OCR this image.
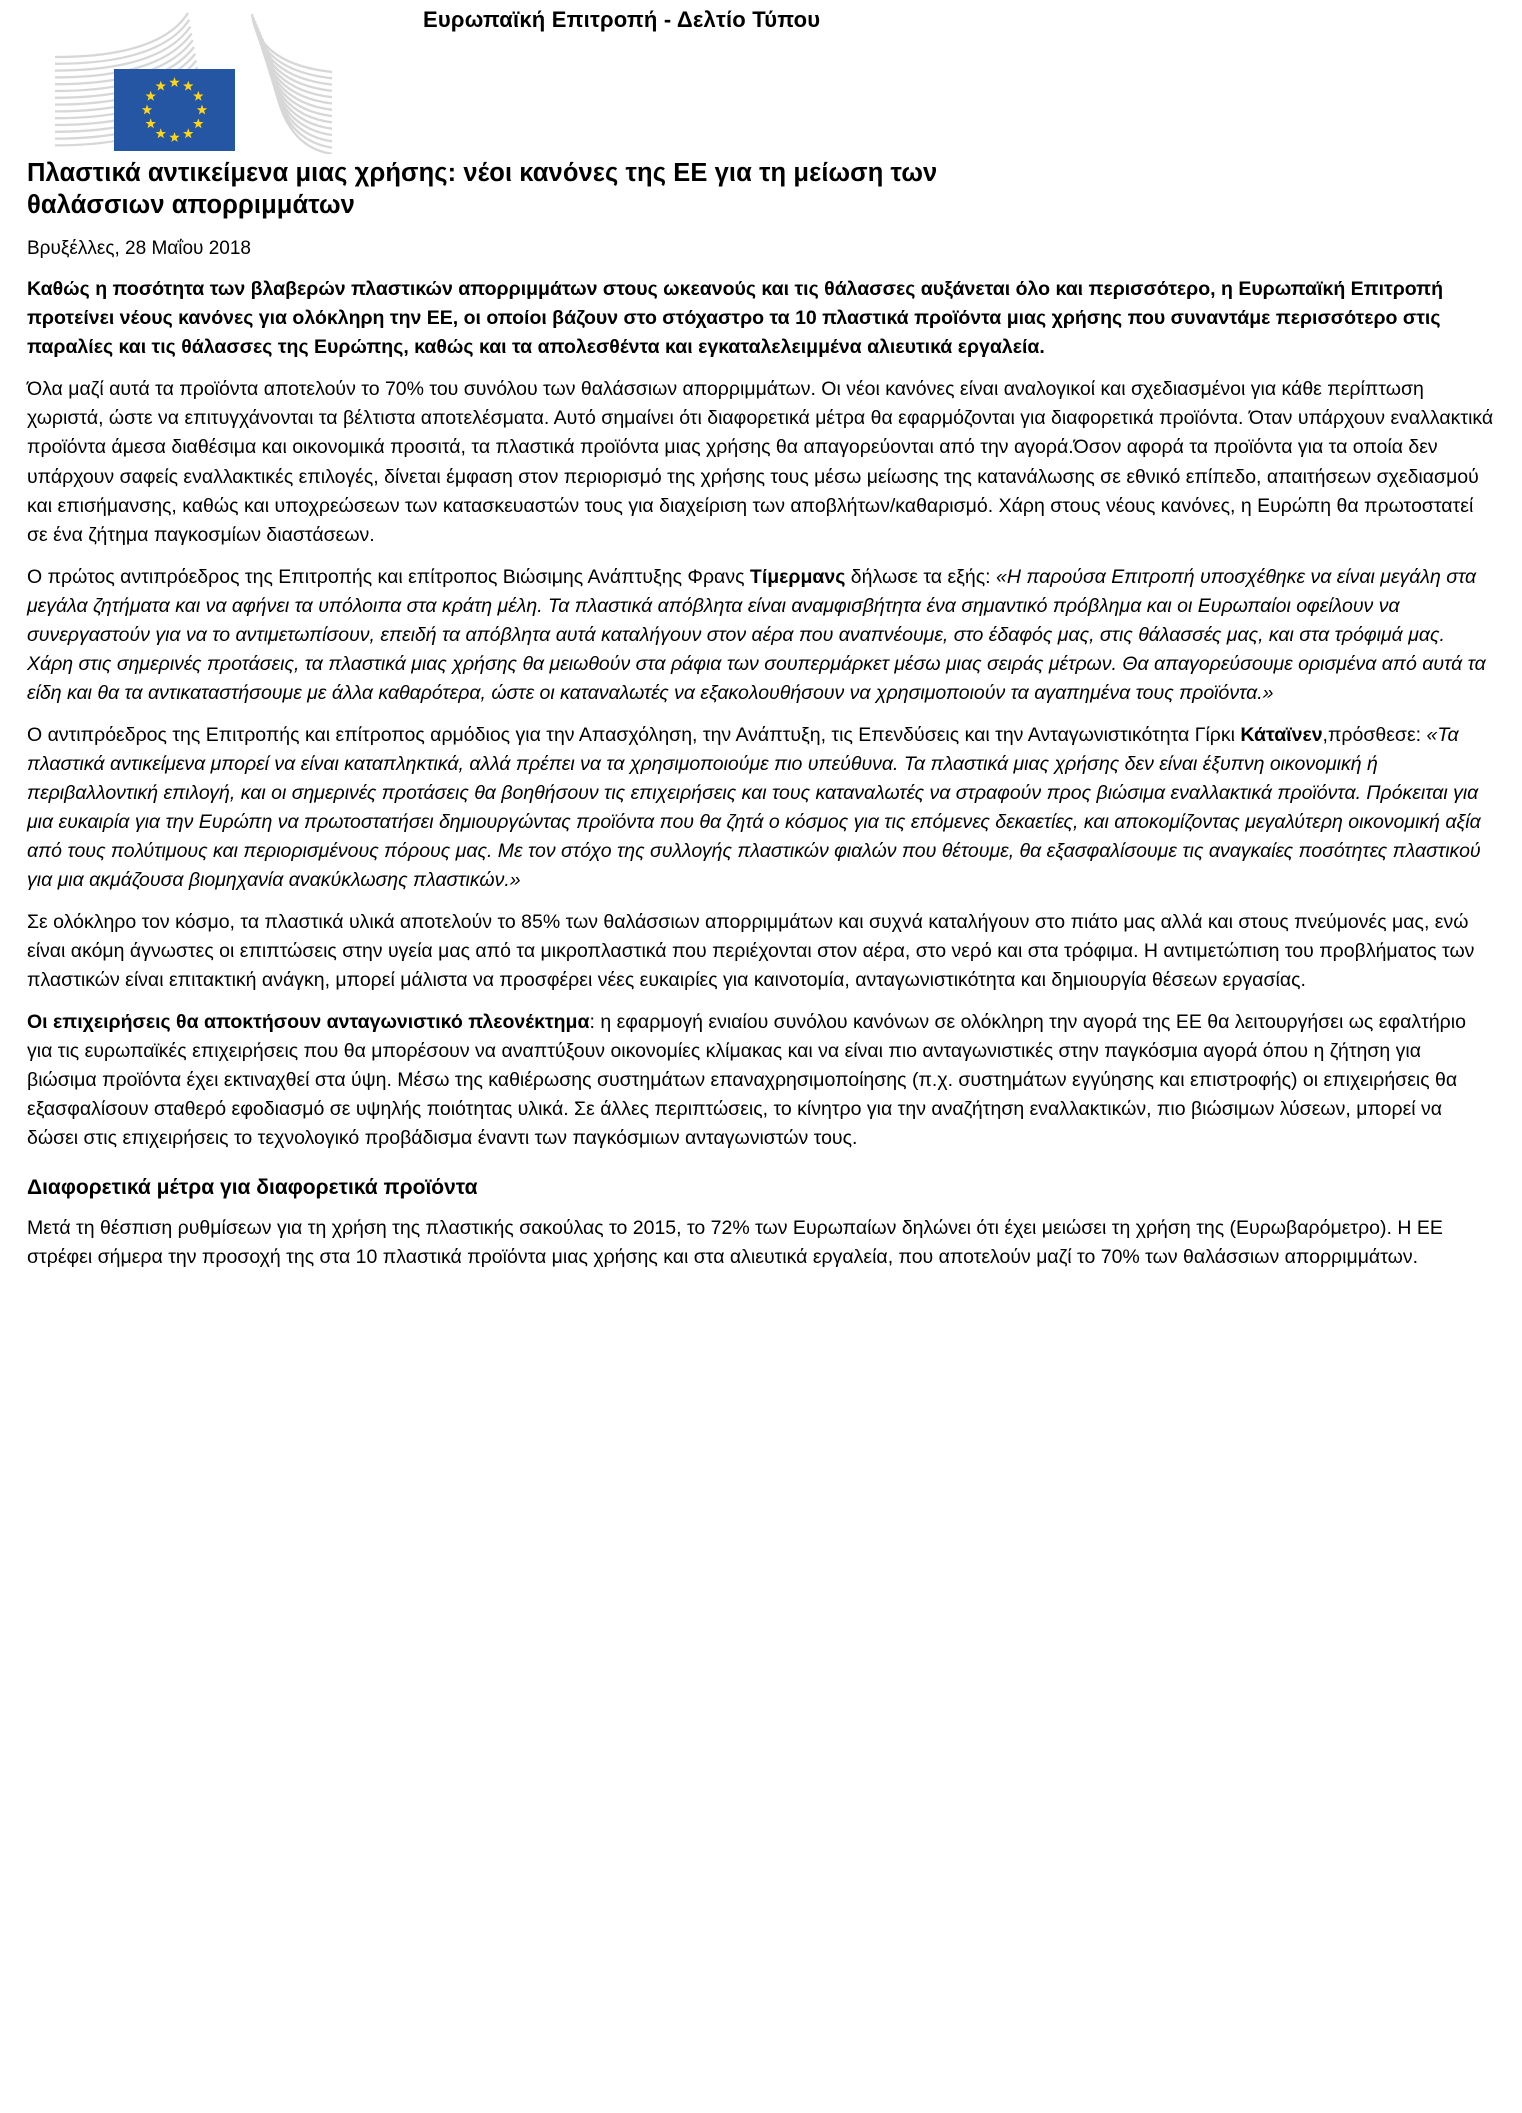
Ευρωπαϊκή Επιτροπή - Δελτίο Τύπου
Πλαστικά αντικείμενα μιας χρήσης: νέοι κανόνες της ΕΕ για τη μείωση των θαλάσσιων απορριμμάτων

Βρυξέλλες, 28 Μαΐου 2018

Καθώς η ποσότητα των βλαβερών πλαστικών απορριμμάτων στους ωκεανούς και τις θάλασσες αυξάνεται όλο και περισσότερο, η Ευρωπαϊκή Επιτροπή προτείνει νέους κανόνες για ολόκληρη την ΕΕ, οι οποίοι βάζουν στο στόχαστρο τα 10 πλαστικά προϊόντα μιας χρήσης που συναντάμε περισσότερο στις παραλίες και τις θάλασσες της Ευρώπης, καθώς και τα απολεσθέντα και εγκαταλελειμμένα αλιευτικά εργαλεία.

Όλα μαζί αυτά τα προϊόντα αποτελούν το 70% του συνόλου των θαλάσσιων απορριμμάτων. Οι νέοι κανόνες είναι αναλογικοί και σχεδιασμένοι για κάθε περίπτωση χωριστά, ώστε να επιτυγχάνονται τα βέλτιστα αποτελέσματα. Αυτό σημαίνει ότι διαφορετικά μέτρα θα εφαρμόζονται για διαφορετικά προϊόντα. Όταν υπάρχουν εναλλακτικά προϊόντα άμεσα διαθέσιμα και οικονομικά προσιτά, τα πλαστικά προϊόντα μιας χρήσης θα απαγορεύονται από την αγορά.Όσον αφορά τα προϊόντα για τα οποία δεν υπάρχουν σαφείς εναλλακτικές επιλογές, δίνεται έμφαση στον περιορισμό της χρήσης τους μέσω μείωσης της κατανάλωσης σε εθνικό επίπεδο, απαιτήσεων σχεδιασμού και επισήμανσης, καθώς και υποχρεώσεων των κατασκευαστών τους για διαχείριση των αποβλήτων/καθαρισμό. Χάρη στους νέους κανόνες, η Ευρώπη θα πρωτοστατεί σε ένα ζήτημα παγκοσμίων διαστάσεων.

Ο πρώτος αντιπρόεδρος της Επιτροπής και επίτροπος Βιώσιμης Ανάπτυξης Φρανς Τίμερμανς δήλωσε τα εξής: «Η παρούσα Επιτροπή υποσχέθηκε να είναι μεγάλη στα μεγάλα ζητήματα και να αφήνει τα υπόλοιπα στα κράτη μέλη. Τα πλαστικά απόβλητα είναι αναμφισβήτητα ένα σημαντικό πρόβλημα και οι Ευρωπαίοι οφείλουν να συνεργαστούν για να το αντιμετωπίσουν, επειδή τα απόβλητα αυτά καταλήγουν στον αέρα που αναπνέουμε, στο έδαφός μας, στις θάλασσές μας, και στα τρόφιμά μας. Χάρη στις σημερινές προτάσεις, τα πλαστικά μιας χρήσης θα μειωθούν στα ράφια των σουπερμάρκετ μέσω μιας σειράς μέτρων. Θα απαγορεύσουμε ορισμένα από αυτά τα είδη και θα τα αντικαταστήσουμε με άλλα καθαρότερα, ώστε οι καταναλωτές να εξακολουθήσουν να χρησιμοποιούν τα αγαπημένα τους προϊόντα.»

Ο αντιπρόεδρος της Επιτροπής και επίτροπος αρμόδιος για την Απασχόληση, την Ανάπτυξη, τις Επενδύσεις και την Ανταγωνιστικότητα Γίρκι Κάταϊνεν,πρόσθεσε: «Τα πλαστικά αντικείμενα μπορεί να είναι καταπληκτικά, αλλά πρέπει να τα χρησιμοποιούμε πιο υπεύθυνα. Τα πλαστικά μιας χρήσης δεν είναι έξυπνη οικονομική ή περιβαλλοντική επιλογή, και οι σημερινές προτάσεις θα βοηθήσουν τις επιχειρήσεις και τους καταναλωτές να στραφούν προς βιώσιμα εναλλακτικά προϊόντα. Πρόκειται για μια ευκαιρία για την Ευρώπη να πρωτοστατήσει δημιουργώντας προϊόντα που θα ζητά ο κόσμος για τις επόμενες δεκαετίες, και αποκομίζοντας μεγαλύτερη οικονομική αξία από τους πολύτιμους και περιορισμένους πόρους μας. Με τον στόχο της συλλογής πλαστικών φιαλών που θέτουμε, θα εξασφαλίσουμε τις αναγκαίες ποσότητες πλαστικού για μια ακμάζουσα βιομηχανία ανακύκλωσης πλαστικών.»

Σε ολόκληρο τον κόσμο, τα πλαστικά υλικά αποτελούν το 85% των θαλάσσιων απορριμμάτων και συχνά καταλήγουν στο πιάτο μας αλλά και στους πνεύμονές μας, ενώ είναι ακόμη άγνωστες οι επιπτώσεις στην υγεία μας από τα μικροπλαστικά που περιέχονται στον αέρα, στο νερό και στα τρόφιμα. Η αντιμετώπιση του προβλήματος των πλαστικών είναι επιτακτική ανάγκη, μπορεί μάλιστα να προσφέρει νέες ευκαιρίες για καινοτομία, ανταγωνιστικότητα και δημιουργία θέσεων εργασίας.

Οι επιχειρήσεις θα αποκτήσουν ανταγωνιστικό πλεονέκτημα: η εφαρμογή ενιαίου συνόλου κανόνων σε ολόκληρη την αγορά της ΕΕ θα λειτουργήσει ως εφαλτήριο για τις ευρωπαϊκές επιχειρήσεις που θα μπορέσουν να αναπτύξουν οικονομίες κλίμακας και να είναι πιο ανταγωνιστικές στην παγκόσμια αγορά όπου η ζήτηση για βιώσιμα προϊόντα έχει εκτιναχθεί στα ύψη. Μέσω της καθιέρωσης συστημάτων επαναχρησιμοποίησης (π.χ. συστημάτων εγγύησης και επιστροφής) οι επιχειρήσεις θα εξασφαλίσουν σταθερό εφοδιασμό σε υψηλής ποιότητας υλικά. Σε άλλες περιπτώσεις, το κίνητρο για την αναζήτηση εναλλακτικών, πιο βιώσιμων λύσεων, μπορεί να δώσει στις επιχειρήσεις το τεχνολογικό προβάδισμα έναντι των παγκόσμιων ανταγωνιστών τους.

Διαφορετικά μέτρα για διαφορετικά προϊόντα

Μετά τη θέσπιση ρυθμίσεων για τη χρήση της πλαστικής σακούλας το 2015, το 72% των Ευρωπαίων δηλώνει ότι έχει μειώσει τη χρήση της (Ευρωβαρόμετρο). Η ΕΕ στρέφει σήμερα την προσοχή της στα 10 πλαστικά προϊόντα μιας χρήσης και στα αλιευτικά εργαλεία, που αποτελούν μαζί το 70% των θαλάσσιων απορριμμάτων.
